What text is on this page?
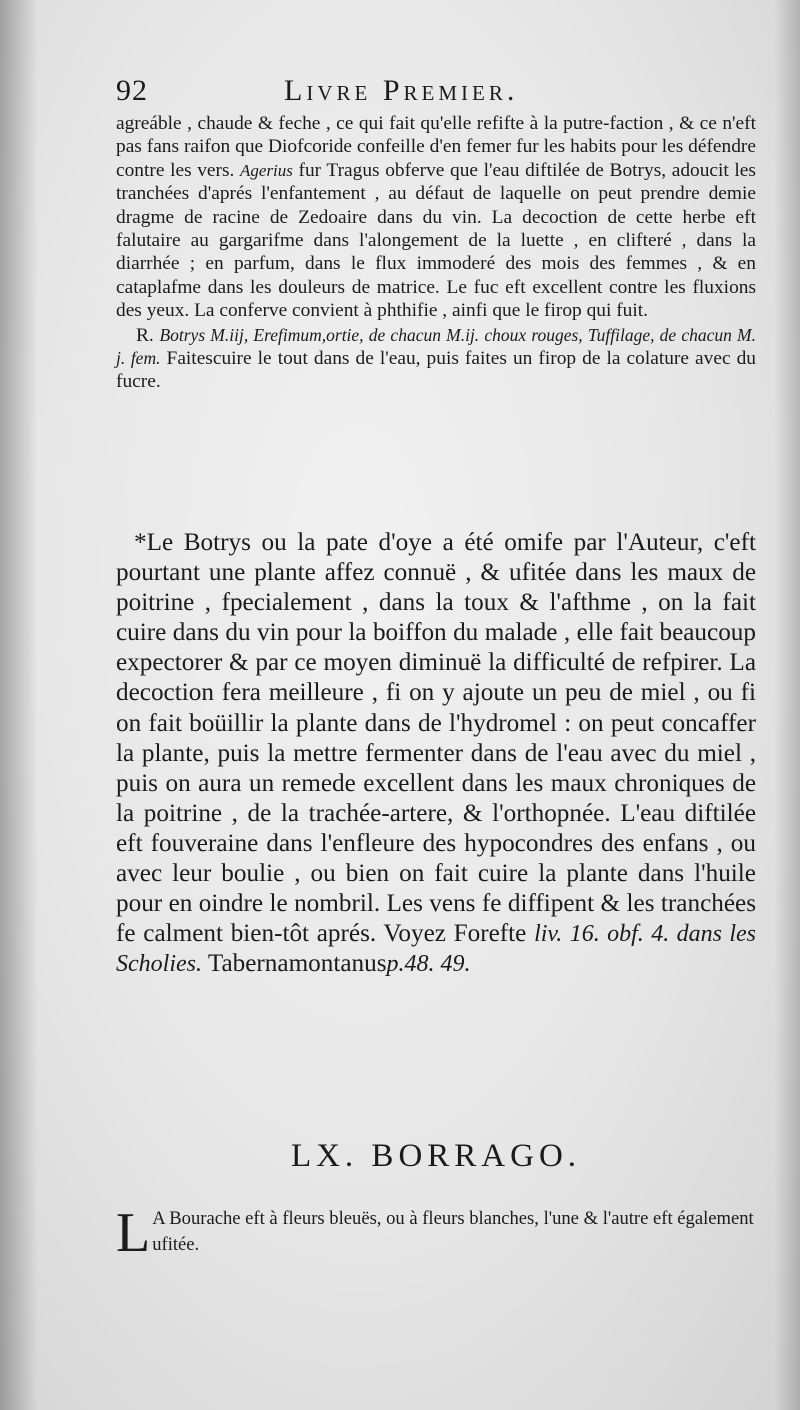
92	Livre Premier.

agreáble , chaude & feche , ce qui fait qu'elle refifte à la putre-faction , & ce n'eft pas fans raifon que Diofcoride confeille d'en femer fur les habits pour les défendre contre les vers. Agerius fur Tragus obferve que l'eau diftilée de Botrys, adoucit les tranchées d'aprés l'enfantement , au défaut de laquelle on peut prendre demie dragme de racine de Zedoaire dans du vin. La decoction de cette herbe eft falutaire au gargarifme dans l'alongement de la luette , en clifteré , dans la diarrhée ; en parfum, dans le flux immoderé des mois des femmes , & en cataplafme dans les douleurs de matrice. Le fuc eft excellent contre les fluxions des yeux. La conferve convient à phthifie , ainfi que le firop qui fuit.

R. Botrys M.iij, Erefimum,ortie, de chacun M.ij. choux rouges, Tuffilage, de chacun M. j. fem. Faitescuire le tout dans de l'eau, puis faites un firop de la colature avec du fucre.

*Le Botrys ou la pate d'oye a été omife par l'Auteur, c'eft pourtant une plante affez connuë , & ufitée dans les maux de poitrine , fpecialement , dans la toux & l'afthme , on la fait cuire dans du vin pour la boiffon du malade , elle fait beaucoup expectorer & par ce moyen diminuë la difficulté de refpirer. La decoction fera meilleure , fi on y ajoute un peu de miel , ou fi on fait boüillir la plante dans de l'hydromel : on peut concaffer la plante, puis la mettre fermenter dans de l'eau avec du miel , puis on aura un remede excellent dans les maux chroniques de la poitrine , de la trachée-artere, & l'orthopnée. L'eau diftilée eft fouveraine dans l'enfleure des hypocondres des enfans , ou avec leur boulie , ou bien on fait cuire la plante dans l'huile pour en oindre le nombril. Les vens fe diffipent & les tranchées fe calment bien-tôt aprés. Voyez Forefte liv. 16. obf. 4. dans les Scholies. Tabernamontanusp.48. 49.

LX. BORRAGO.
L A Bourache eft à fleurs bleuës, ou à fleurs blanches, l'une & l'autre eft également ufitée.
